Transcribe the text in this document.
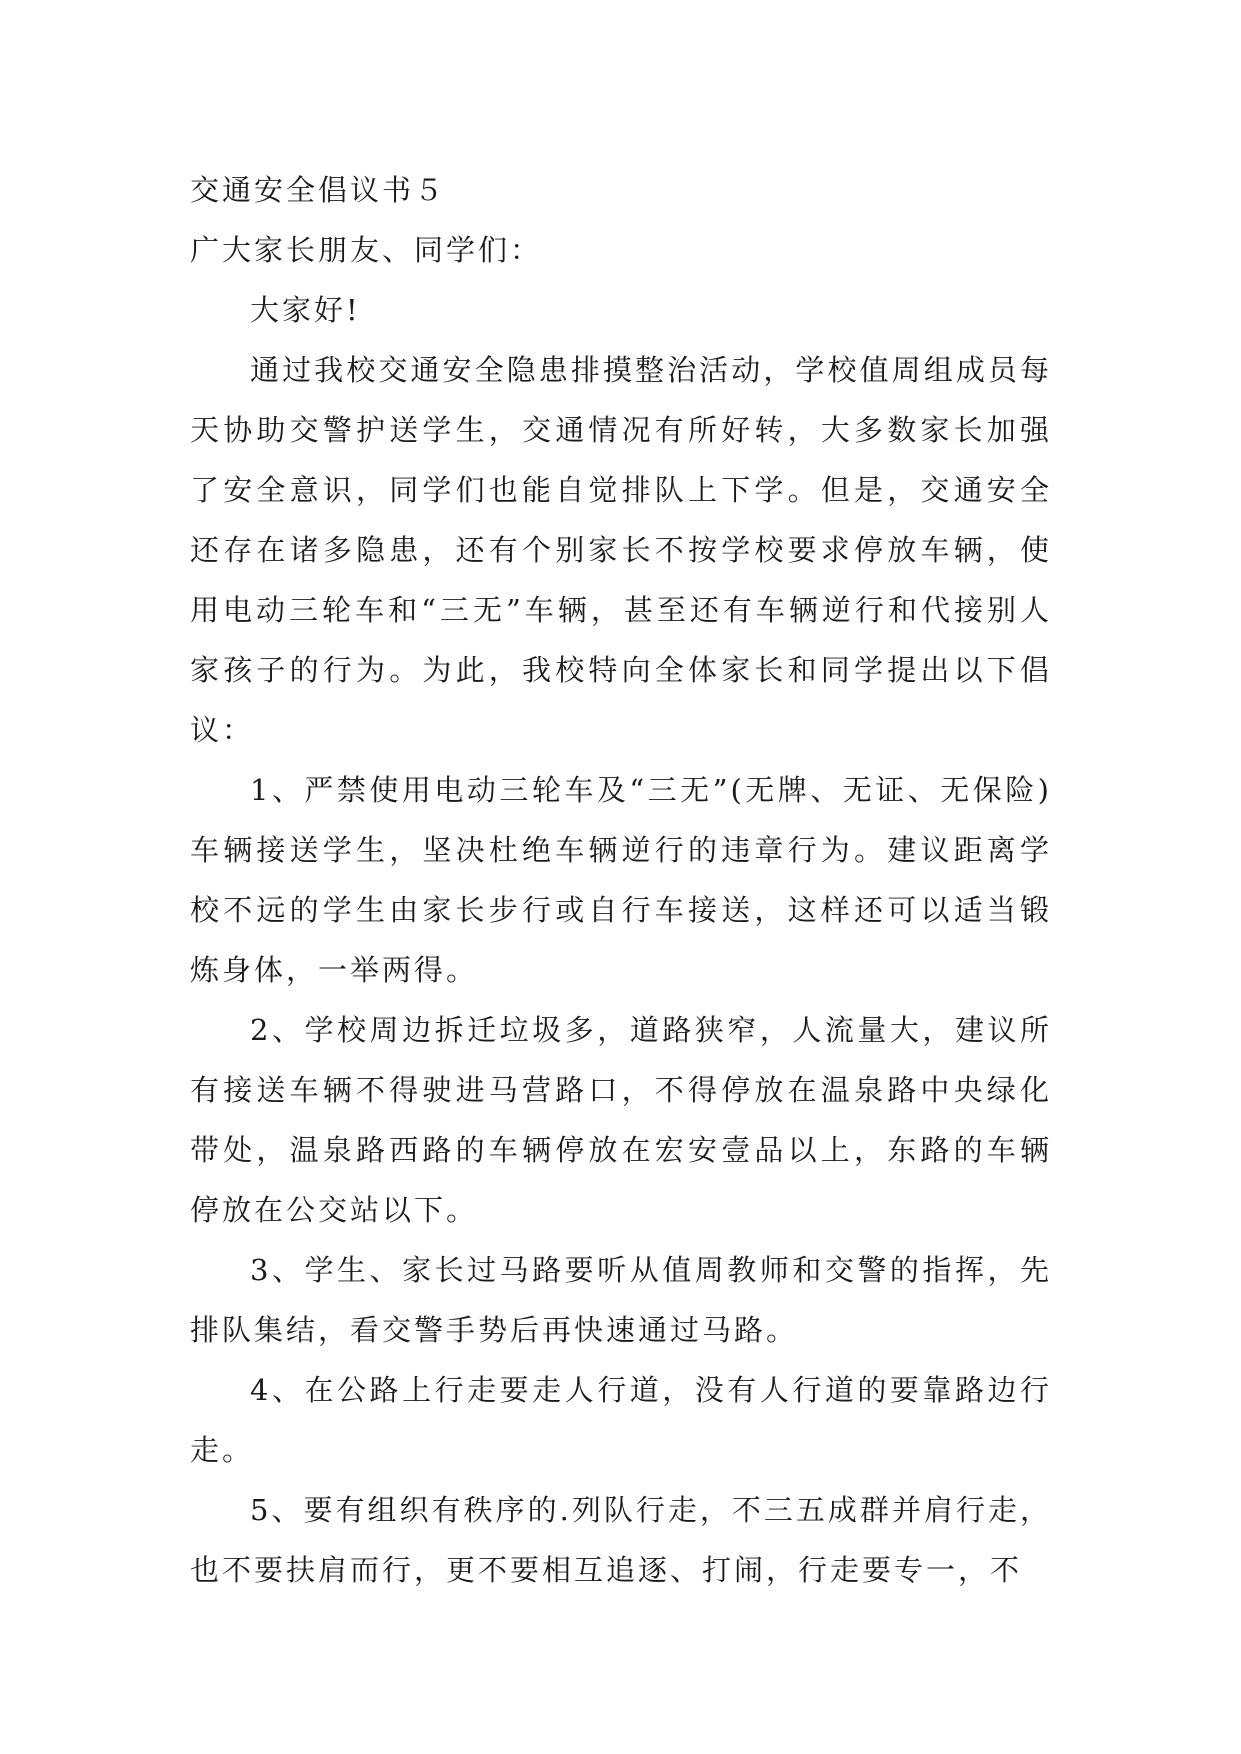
交通安全倡议书５

广大家长朋友、同学们：

大家好!

通过我校交通安全隐患排摸整治活动，学校值周组成员每天协助交警护送学生，交通情况有所好转，大多数家长加强了安全意识，同学们也能自觉排队上下学。但是，交通安全还存在诸多隐患，还有个别家长不按学校要求停放车辆，使用电动三轮车和“三无”车辆，甚至还有车辆逆行和代接别人家孩子的行为。为此，我校特向全体家长和同学提出以下倡议：

1、严禁使用电动三轮车及“三无”(无牌、无证、无保险)车辆接送学生，坚决杜绝车辆逆行的违章行为。建议距离学校不远的学生由家长步行或自行车接送，这样还可以适当锻炼身体，一举两得。

2、学校周边拆迁垃圾多，道路狭窄，人流量大，建议所有接送车辆不得驶进马营路口，不得停放在温泉路中央绿化带处，温泉路西路的车辆停放在宏安壹品以上，东路的车辆停放在公交站以下。

3、学生、家长过马路要听从值周教师和交警的指挥，先排队集结，看交警手势后再快速通过马路。

4、在公路上行走要走人行道，没有人行道的要靠路边行走。

5、要有组织有秩序的.列队行走，不三五成群并肩行走，也不要扶肩而行，更不要相互追逐、打闹，行走要专一，不
